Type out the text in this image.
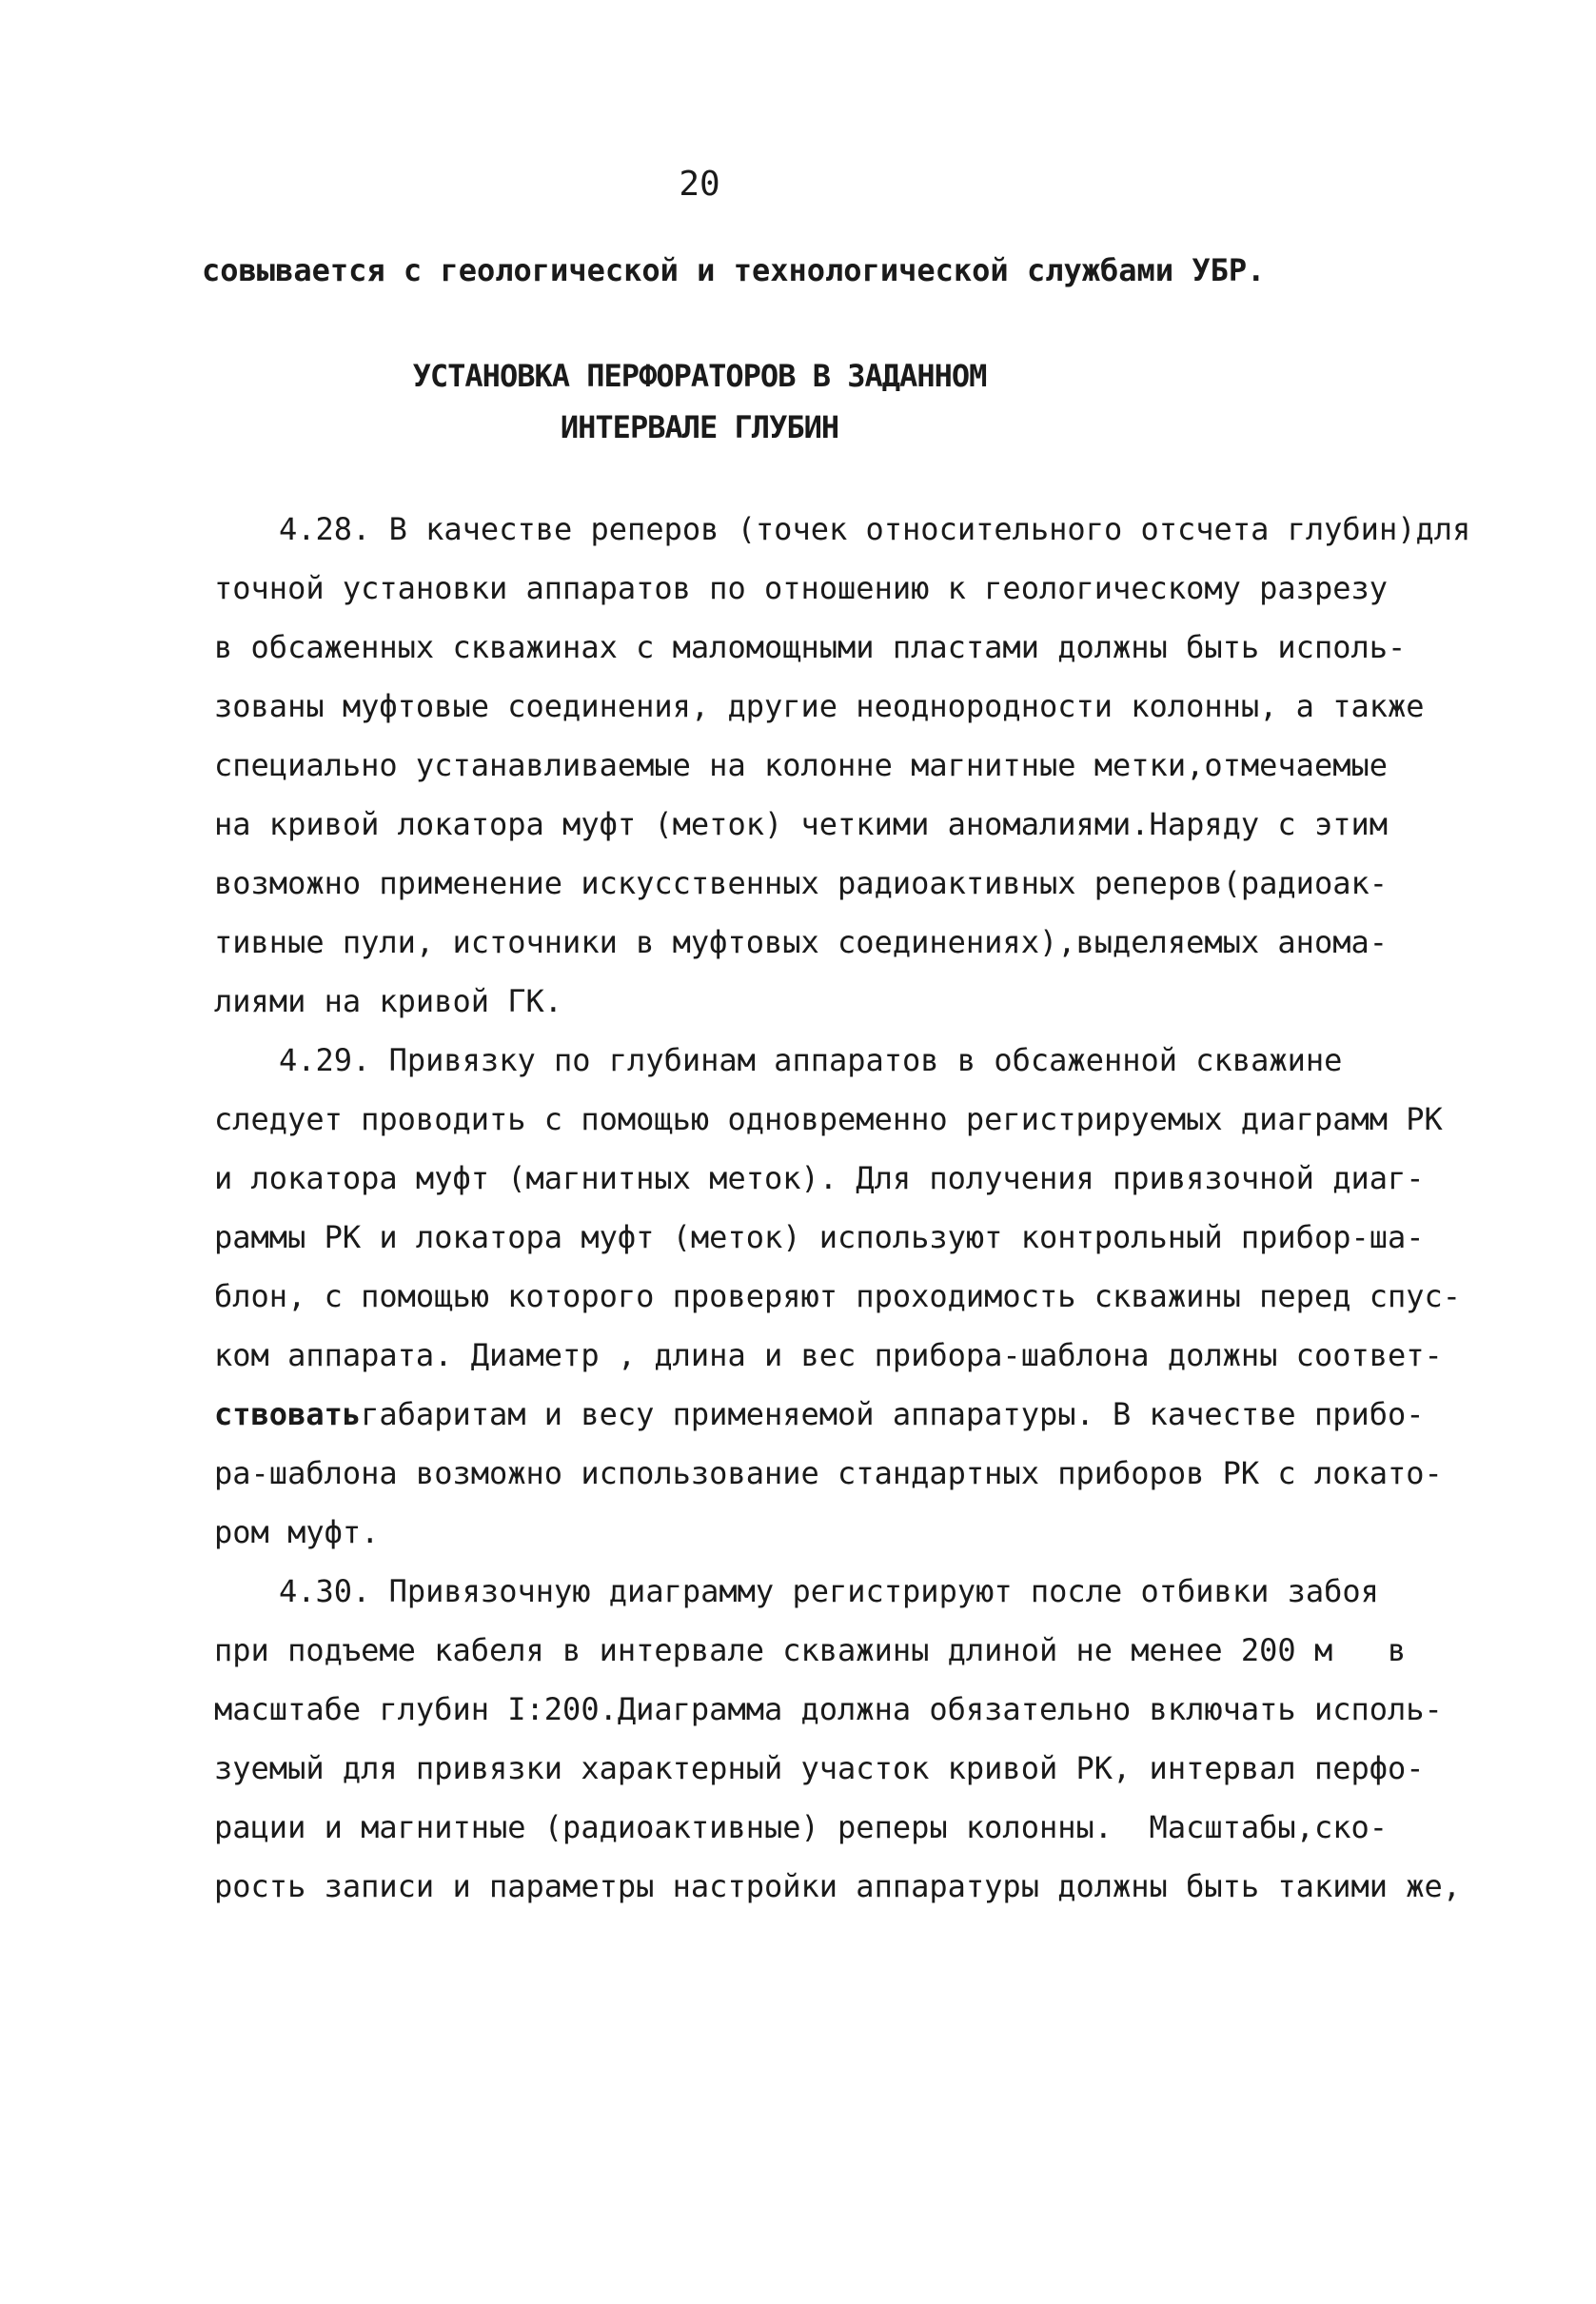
20
совывается с геологической и технологической службами УБР.
УСТАНОВКА ПЕРФОРАТОРОВ В ЗАДАННОМ
ИНТЕРВАЛЕ ГЛУБИН
4.28. В качестве реперов (точек относительного отсчета глубин)для
точной установки аппаратов по отношению к геологическому разрезу
в обсаженных скважинах с маломощными пластами должны быть исполь-
зованы муфтовые соединения, другие неоднородности колонны, а также
специально устанавливаемые на колонне магнитные метки,отмечаемые
на кривой локатора муфт (меток) четкими аномалиями.Наряду с этим
возможно применение искусственных радиоактивных реперов(радиоак-
тивные пули, источники в муфтовых соединениях),выделяемых анома-
лиями на кривой ГК.
4.29. Привязку по глубинам аппаратов в обсаженной скважине
следует проводить с помощью одновременно регистрируемых диаграмм РК
и локатора муфт (магнитных меток). Для получения привязочной диаг-
раммы РК и локатора муфт (меток) используют контрольный прибор-ша-
блон, с помощью которого проверяют проходимость скважины перед спус-
ком аппарата. Диаметр , длина и вес прибора-шаблона должны соответ-
ствоватьгабаритам и весу применяемой аппаратуры. В качестве прибо-
ра-шаблона возможно использование стандартных приборов РК с локато-
ром муфт.
4.30. Привязочную диаграмму регистрируют после отбивки забоя
при подъеме кабеля в интервале скважины длиной не менее 200 м   в
масштабе глубин I:200.Диаграмма должна обязательно включать исполь-
зуемый для привязки характерный участок кривой РК, интервал перфо-
рации и магнитные (радиоактивные) реперы колонны.  Масштабы,ско-
рость записи и параметры настройки аппаратуры должны быть такими же,
